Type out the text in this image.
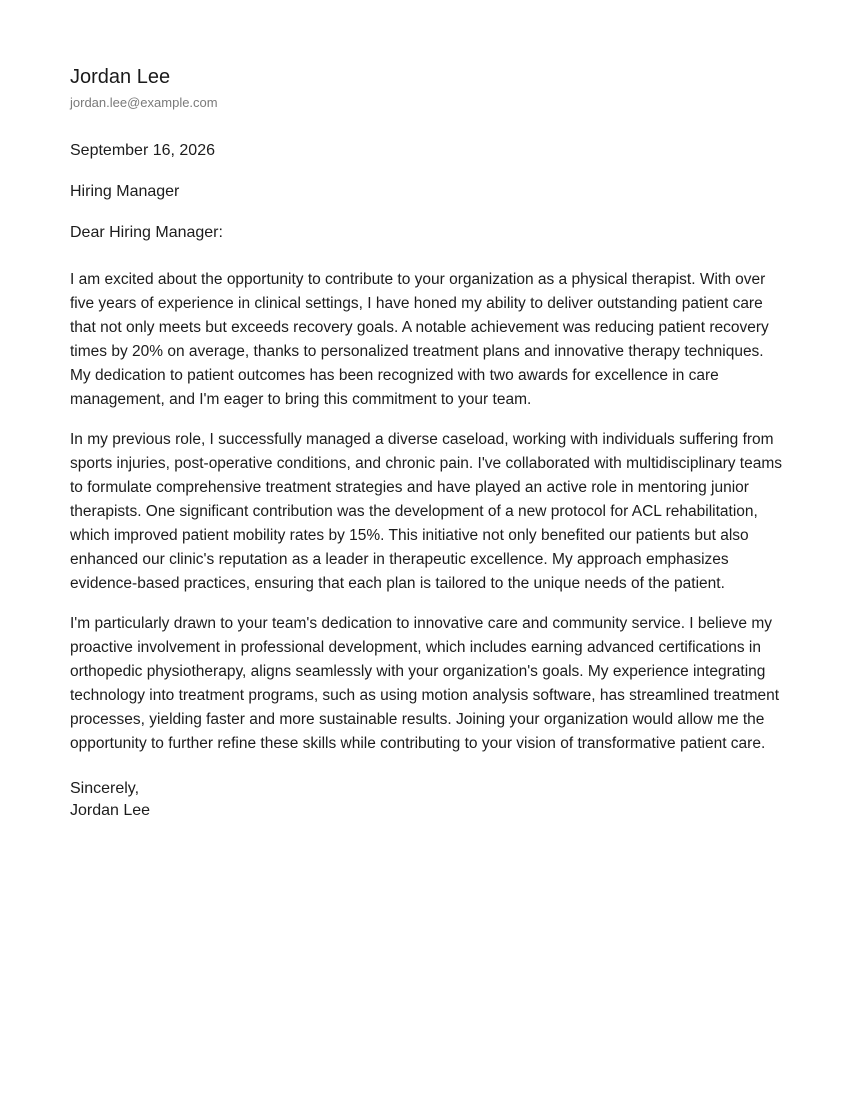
Jordan Lee
jordan.lee@example.com
September 16, 2026
Hiring Manager
Dear Hiring Manager:

I am excited about the opportunity to contribute to your organization as a physical therapist. With over five years of experience in clinical settings, I have honed my ability to deliver outstanding patient care that not only meets but exceeds recovery goals. A notable achievement was reducing patient recovery times by 20% on average, thanks to personalized treatment plans and innovative therapy techniques. My dedication to patient outcomes has been recognized with two awards for excellence in care management, and I'm eager to bring this commitment to your team.

In my previous role, I successfully managed a diverse caseload, working with individuals suffering from sports injuries, post-operative conditions, and chronic pain. I've collaborated with multidisciplinary teams to formulate comprehensive treatment strategies and have played an active role in mentoring junior therapists. One significant contribution was the development of a new protocol for ACL rehabilitation, which improved patient mobility rates by 15%. This initiative not only benefited our patients but also enhanced our clinic's reputation as a leader in therapeutic excellence. My approach emphasizes evidence-based practices, ensuring that each plan is tailored to the unique needs of the patient.

I'm particularly drawn to your team's dedication to innovative care and community service. I believe my proactive involvement in professional development, which includes earning advanced certifications in orthopedic physiotherapy, aligns seamlessly with your organization's goals. My experience integrating technology into treatment programs, such as using motion analysis software, has streamlined treatment processes, yielding faster and more sustainable results. Joining your organization would allow me the opportunity to further refine these skills while contributing to your vision of transformative patient care.

Sincerely,
Jordan Lee
